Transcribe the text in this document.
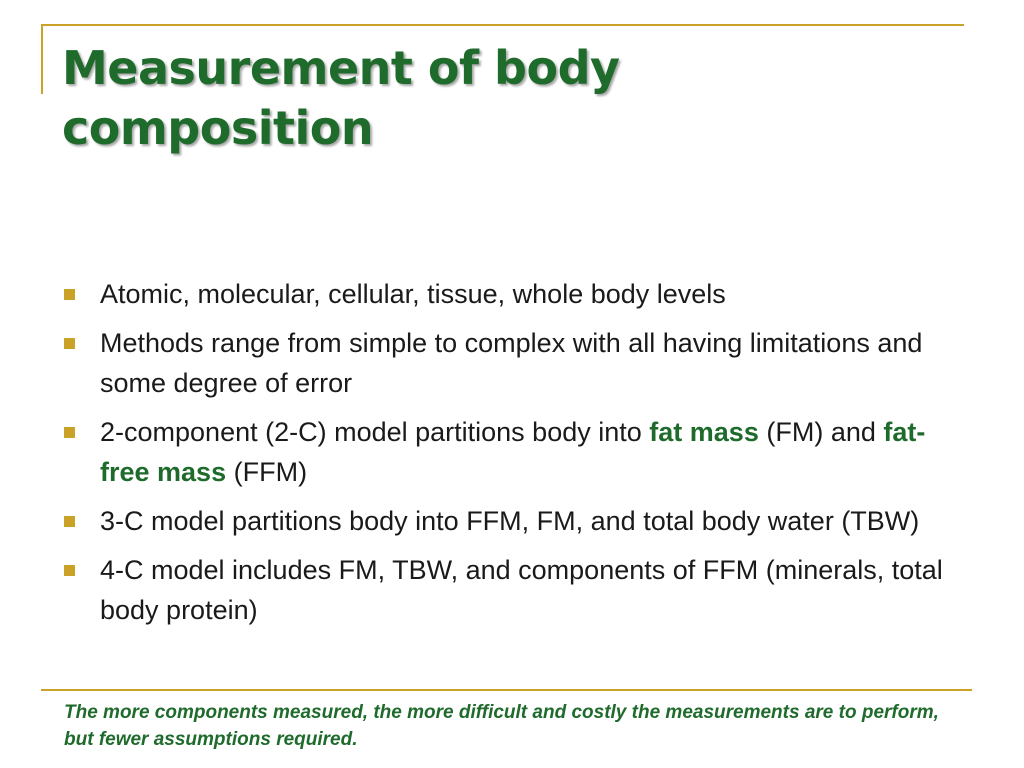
Measurement of body
composition
Atomic, molecular, cellular, tissue, whole body levels
Methods range from simple to complex with all having limitations and some degree of error
2-component (2-C) model partitions body into fat mass (FM) and fat-free mass (FFM)
3-C model partitions body into FFM, FM, and total body water (TBW)
4-C model includes FM, TBW, and components of FFM (minerals, total body protein)

The more components measured, the more difficult and costly the measurements are to perform, but fewer assumptions required.
